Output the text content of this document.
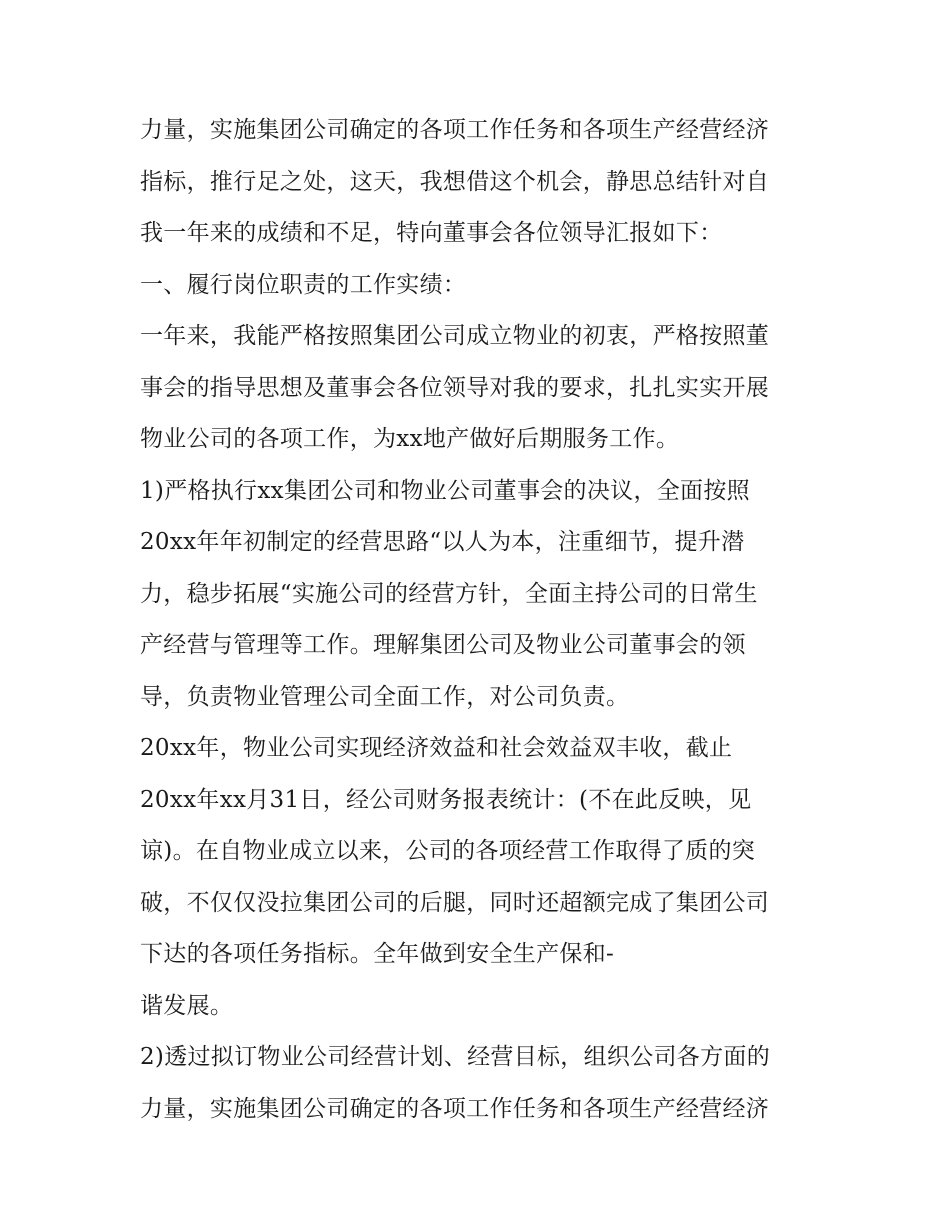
力量，实施集团公司确定的各项工作任务和各项生产经营经济
指标，推行足之处，这天，我想借这个机会，静思总结针对自
我一年来的成绩和不足，特向董事会各位领导汇报如下：
一、履行岗位职责的工作实绩：
一年来，我能严格按照集团公司成立物业的初衷，严格按照董
事会的指导思想及董事会各位领导对我的要求，扎扎实实开展
物业公司的各项工作，为xx地产做好后期服务工作。
1)严格执行xx集团公司和物业公司董事会的决议，全面按照
20xx年年初制定的经营思路“以人为本，注重细节，提升潜
力，稳步拓展“实施公司的经营方针，全面主持公司的日常生
产经营与管理等工作。理解集团公司及物业公司董事会的领
导，负责物业管理公司全面工作，对公司负责。
20xx年，物业公司实现经济效益和社会效益双丰收，截止
20xx年xx月31日，经公司财务报表统计：(不在此反映，见
谅)。在自物业成立以来，公司的各项经营工作取得了质的突
破，不仅仅没拉集团公司的后腿，同时还超额完成了集团公司
下达的各项任务指标。全年做到安全生产保和-
谐发展。
2)透过拟订物业公司经营计划、经营目标，组织公司各方面的
力量，实施集团公司确定的各项工作任务和各项生产经营经济
